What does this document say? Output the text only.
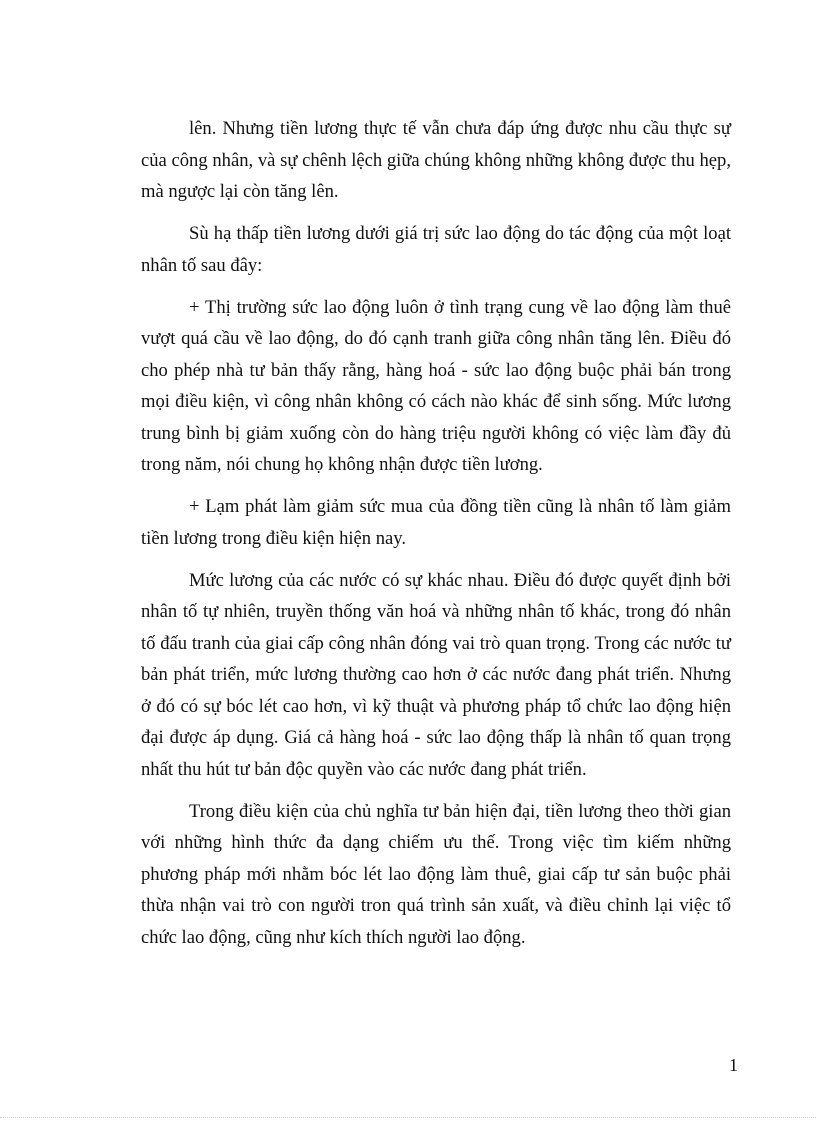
lên. Nhưng tiền lương thực tế vẫn chưa đáp ứng được nhu cầu thực sự của công nhân, và sự chênh lệch giữa chúng không những không được thu hẹp, mà ngược lại còn tăng lên.

Sù hạ thấp tiền lương dưới giá trị sức lao động do tác động của một loạt nhân tố sau đây:

+ Thị trường sức lao động luôn ở tình trạng cung về lao động làm thuê vượt quá cầu về lao động, do đó cạnh tranh giữa công nhân tăng lên. Điều đó cho phép nhà tư bản thấy rằng, hàng hoá - sức lao động buộc phải bán trong mọi điều kiện, vì công nhân không có cách nào khác để sinh sống. Mức lương trung bình bị giảm xuống còn do hàng triệu người không có việc làm đầy đủ trong năm, nói chung họ không nhận được tiền lương.

+ Lạm phát làm giảm sức mua của đồng tiền cũng là nhân tố làm giảm tiền lương trong điều kiện hiện nay.

Mức lương của các nước có sự khác nhau. Điều đó được quyết định bởi nhân tố tự nhiên, truyền thống văn hoá và những nhân tố khác, trong đó nhân tố đấu tranh của giai cấp công nhân đóng vai trò quan trọng. Trong các nước tư bản phát triển, mức lương thường cao hơn ở các nước đang phát triển. Nhưng ở đó có sự bóc lét cao hơn, vì kỹ thuật và phương pháp tổ chức lao động hiện đại được áp dụng. Giá cả hàng hoá - sức lao động thấp là nhân tố quan trọng nhất thu hút tư bản độc quyền vào các nước đang phát triển.

Trong điều kiện của chủ nghĩa tư bản hiện đại, tiền lương theo thời gian với những hình thức đa dạng chiếm ưu thế. Trong việc tìm kiếm những phương pháp mới nhằm bóc lét lao động làm thuê, giai cấp tư sản buộc phải thừa nhận vai trò con người tron quá trình sản xuất, và điều chỉnh lại việc tổ chức lao động, cũng như kích thích người lao động.

1
